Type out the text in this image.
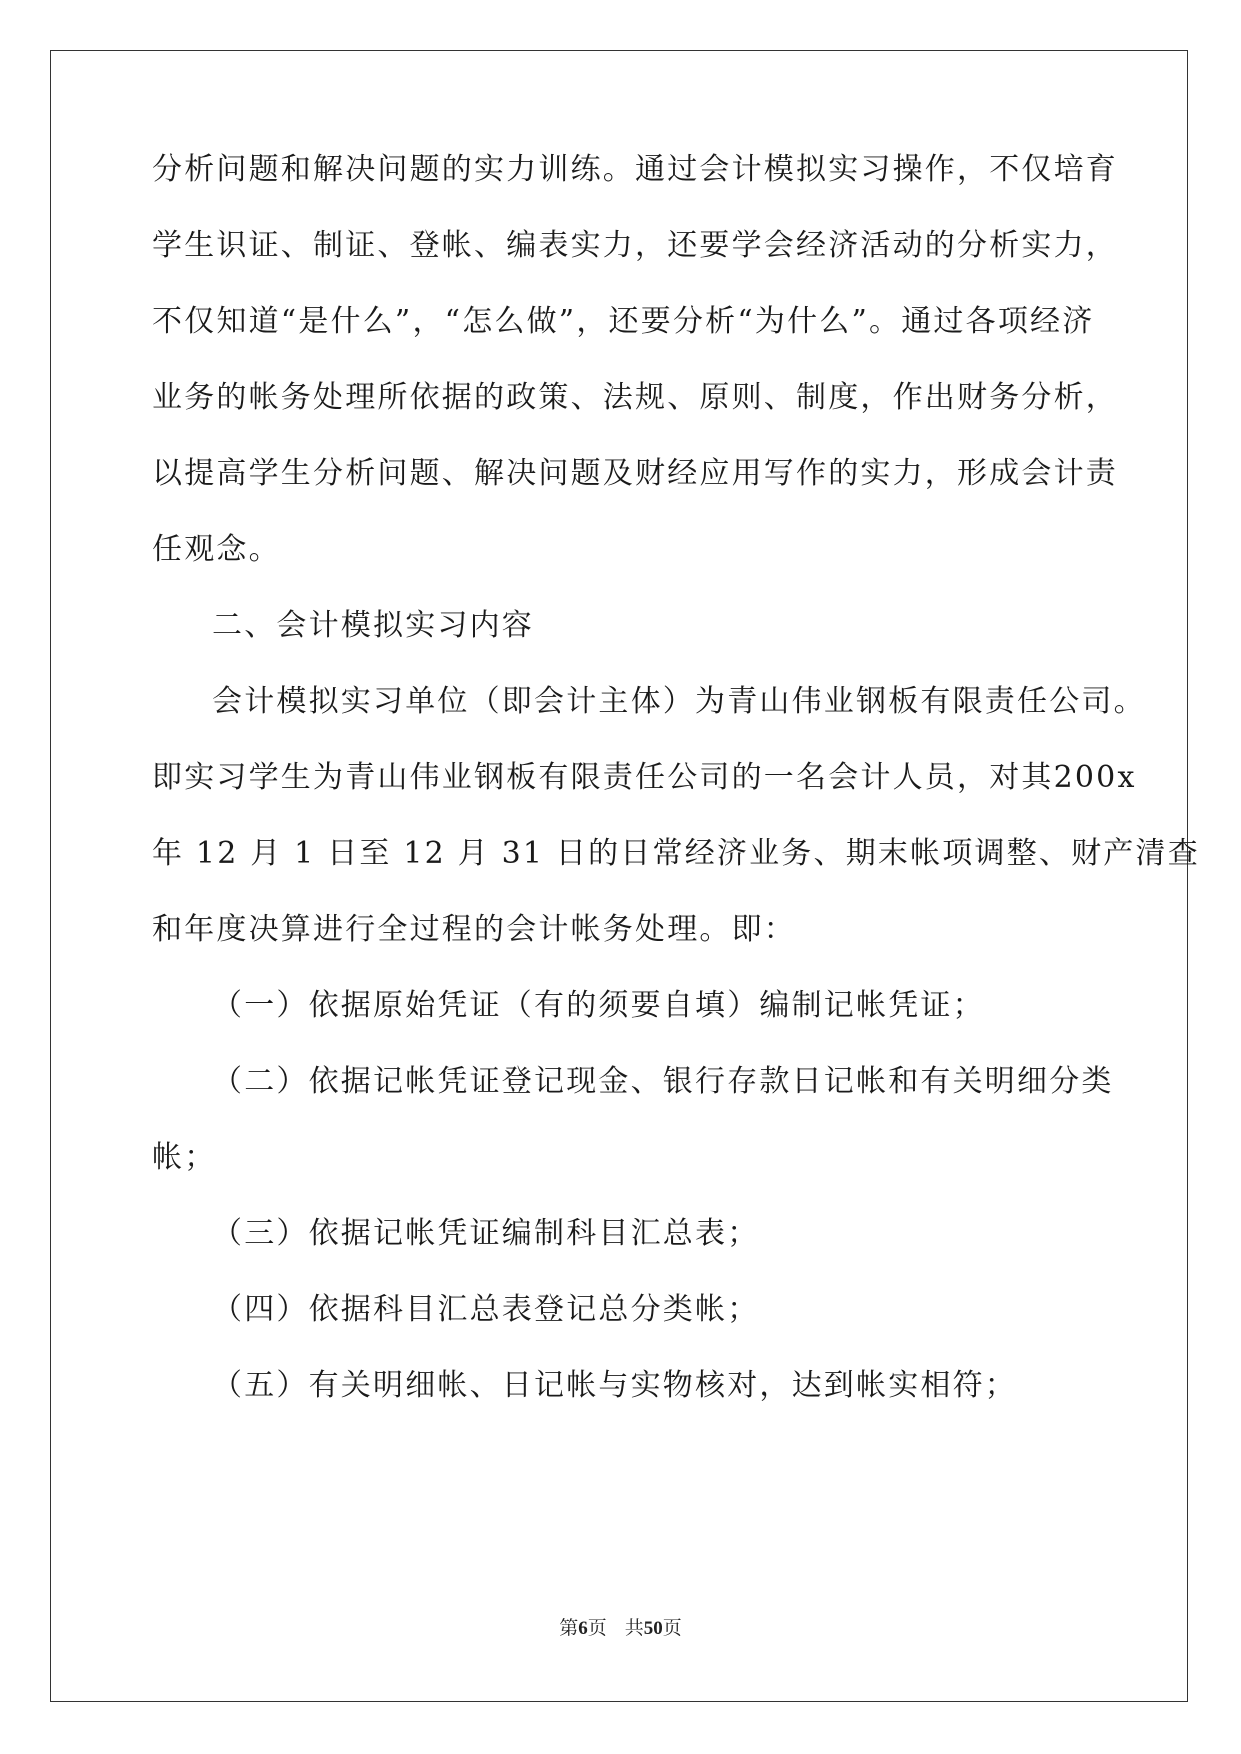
分析问题和解决问题的实力训练。通过会计模拟实习操作，不仅培育
学生识证、制证、登帐、编表实力，还要学会经济活动的分析实力，
不仅知道“是什么”，“怎么做”，还要分析“为什么”。通过各项经济
业务的帐务处理所依据的政策、法规、原则、制度，作出财务分析，
以提高学生分析问题、解决问题及财经应用写作的实力，形成会计责
任观念。
二、会计模拟实习内容
会计模拟实习单位（即会计主体）为青山伟业钢板有限责任公司。
即实习学生为青山伟业钢板有限责任公司的一名会计人员，对其200x
年 12 月 1 日至 12 月 31 日的日常经济业务、期末帐项调整、财产清查
和年度决算进行全过程的会计帐务处理。即：
（一）依据原始凭证（有的须要自填）编制记帐凭证；
（二）依据记帐凭证登记现金、银行存款日记帐和有关明细分类
帐；
（三）依据记帐凭证编制科目汇总表；
（四）依据科目汇总表登记总分类帐；
（五）有关明细帐、日记帐与实物核对，达到帐实相符；
第6页 共50页
